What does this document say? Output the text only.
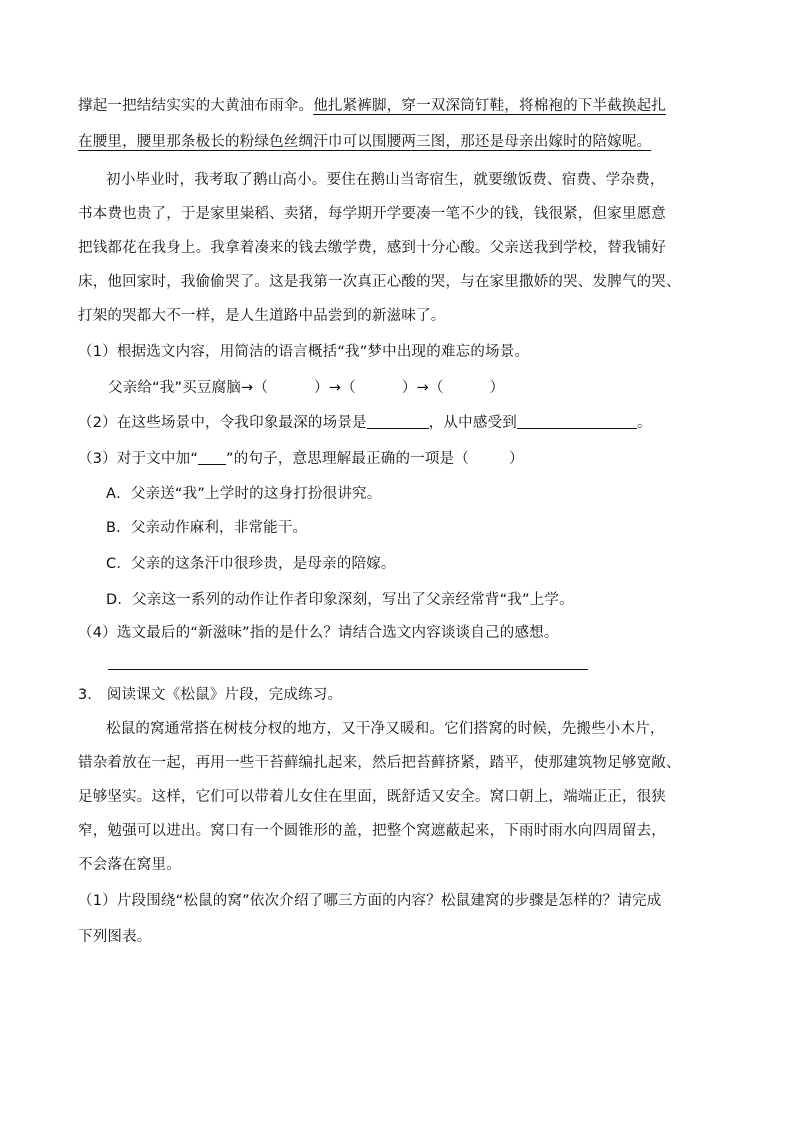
撑起一把结结实实的大黄油布雨伞。他扎紧裤脚，穿一双深筒钉鞋，将棉袍的下半截换起扎
在腰里，腰里那条极长的粉绿色丝绸汗巾可以围腰两三图，那还是母亲出嫁时的陪嫁呢。
初小毕业时，我考取了鹅山高小。要住在鹅山当寄宿生，就要缴饭费、宿费、学杂费，
书本费也贵了，于是家里粜稻、卖猪，每学期开学要凑一笔不少的钱，钱很紧，但家里愿意
把钱都花在我身上。我拿着凑来的钱去缴学费，感到十分心酸。父亲送我到学校，替我铺好
床，他回家时，我偷偷哭了。这是我第一次真正心酸的哭，与在家里撒娇的哭、发脾气的哭、
打架的哭都大不一样，是人生道路中品尝到的新滋味了。
（1）根据选文内容，用简洁的语言概括“我”梦中出现的难忘的场景。
父亲给“我”买豆腐脑→（	）→（	）→（	）
（2）在这些场景中，令我印象最深的场景是	，从中感受到	。
（3）对于文中加“ ”的句子，意思理解最正确的一项是（	）
A．父亲送“我”上学时的这身打扮很讲究。
B．父亲动作麻利，非常能干。
C．父亲的这条汗巾很珍贵，是母亲的陪嫁。
D．父亲这一系列的动作让作者印象深刻，写出了父亲经常背“我”上学。
（4）选文最后的“新滋味”指的是什么？请结合选文内容谈谈自己的感想。
3． 阅读课文《松鼠》片段，完成练习。
松鼠的窝通常搭在树枝分杈的地方，又干净又暖和。它们搭窝的时候，先搬些小木片，
错杂着放在一起，再用一些干苔藓编扎起来，然后把苔藓挤紧，踏平，使那建筑物足够宽敞、
足够坚实。这样，它们可以带着儿女住在里面，既舒适又安全。窝口朝上，端端正正，很狭
窄，勉强可以进出。窝口有一个圆锥形的盖，把整个窝遮蔽起来，下雨时雨水向四周留去，
不会落在窝里。
（1）片段围绕“松鼠的窝”依次介绍了哪三方面的内容？松鼠建窝的步骤是怎样的？请完成
下列图表。
